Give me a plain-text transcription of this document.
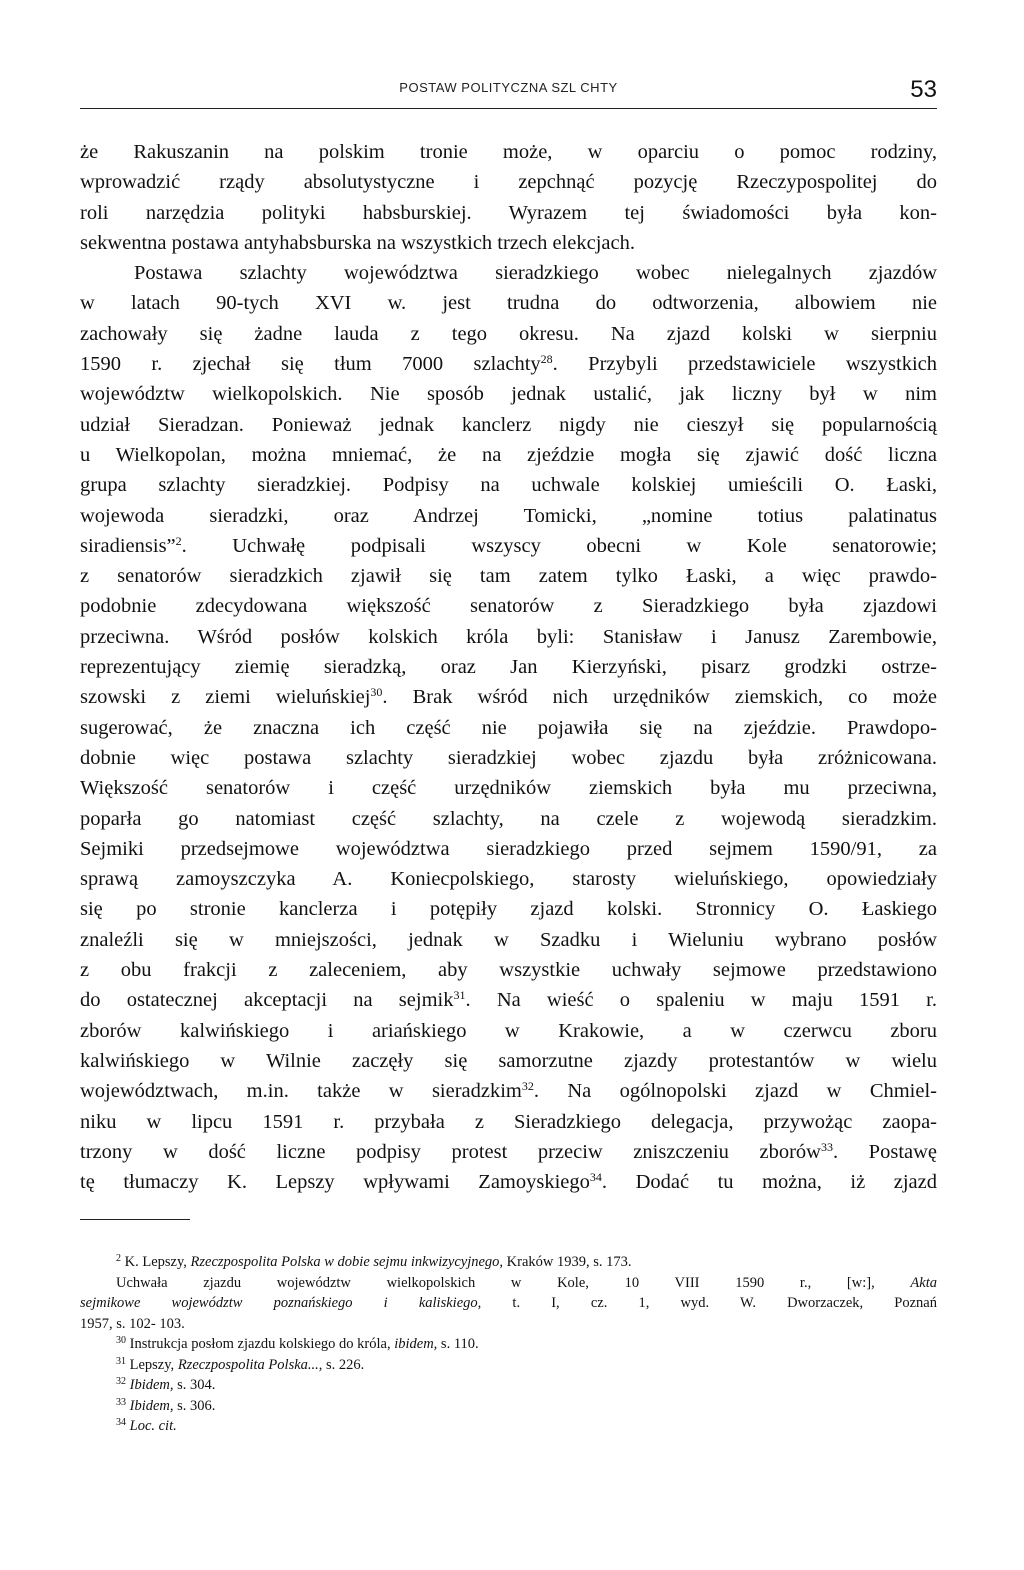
POSTAW POLITYCZNA SZL CHTY	53
że Rakuszanin na polskim tronie może, w oparciu o pomoc rodziny,
wprowadzić rządy absolutystyczne i zepchnąć pozycję Rzeczypospolitej do
roli narzędzia polityki habsburskiej. Wyrazem tej świadomości była kon-
sekwentna postawa antyhabsburska na wszystkich trzech elekcjach.
Postawa szlachty województwa sieradzkiego wobec nielegalnych zjazdów
w latach 90-tych XVI w. jest trudna do odtworzenia, albowiem nie
zachowały się żadne lauda z tego okresu. Na zjazd kolski w sierpniu
1590 r. zjechał się tłum 7000 szlachty$^{28}$. Przybyli przedstawiciele wszystkich
województw wielkopolskich. Nie sposób jednak ustalić, jak liczny był w nim
udział Sieradzan. Ponieważ jednak kanclerz nigdy nie cieszył się popularnością
u Wielkopolan, można mniemać, że na zjeździe mogła się zjawić dość liczna
grupa szlachty sieradzkiej. Podpisy na uchwale kolskiej umieścili O. Łaski,
wojewoda sieradzki, oraz Andrzej Tomicki, „nomine totius palatinatus
siradiensis”$^2$. Uchwałę podpisali wszyscy obecni w Kole senatorowie;
z senatorów sieradzkich zjawił się tam zatem tylko Łaski, a więc prawdo-
podobnie zdecydowana większość senatorów z Sieradzkiego była zjazdowi
przeciwna. Wśród posłów kolskich króla byli: Stanisław i Janusz Zarembowie,
reprezentujący ziemię sieradzką, oraz Jan Kierzyński, pisarz grodzki ostrze-
szowski z ziemi wieluńskiej$^{30}$. Brak wśród nich urzędników ziemskich, co może
sugerować, że znaczna ich część nie pojawiła się na zjeździe. Prawdopo-
dobnie więc postawa szlachty sieradzkiej wobec zjazdu była zróżnicowana.
Większość senatorów i część urzędników ziemskich była mu przeciwna,
poparła go natomiast część szlachty, na czele z wojewodą sieradzkim.
Sejmiki przedsejmowe województwa sieradzkiego przed sejmem 1590/91, za
sprawą zamoyszczyka A. Koniecpolskiego, starosty wieluńskiego, opowiedziały
się po stronie kanclerza i potępiły zjazd kolski. Stronnicy O. Łaskiego
znaleźli się w mniejszości, jednak w Szadku i Wieluniu wybrano posłów
z obu frakcji z zaleceniem, aby wszystkie uchwały sejmowe przedstawiono
do ostatecznej akceptacji na sejmik$^{31}$. Na wieść o spaleniu w maju 1591 r.
zborów kalwińskiego i ariańskiego w Krakowie, a w czerwcu zboru
kalwińskiego w Wilnie zaczęły się samorzutne zjazdy protestantów w wielu
województwach, m.in. także w sieradzkim$^{32}$. Na ogólnopolski zjazd w Chmiel-
niku w lipcu 1591 r. przybała z Sieradzkiego delegacja, przywożąc zaopa-
trzony w dość liczne podpisy protest przeciw zniszczeniu zborów$^{33}$. Postawę
tę tłumaczy K. Lepszy wpływami Zamoyskiego$^{34}$. Dodać tu można, iż zjazd
$^2$ K. Lepszy, Rzeczpospolita Polska w dobie sejmu inkwizycyjnego, Kraków 1939, s. 173.
Uchwała zjazdu województw wielkopolskich w Kole, 10 VIII 1590 r., [w:], Akta
sejmikowe województw poznańskiego i kaliskiego, t. I, cz. 1, wyd. W. Dworzaczek, Poznań
1957, s. 102- 103.
$^{30}$ Instrukcja posłom zjazdu kolskiego do króla, ibidem, s. 110.
$^{31}$ Lepszy, Rzeczpospolita Polska..., s. 226.
$^{32}$ Ibidem, s. 304.
$^{33}$ Ibidem, s. 306.
$^{34}$ Loc. cit.
